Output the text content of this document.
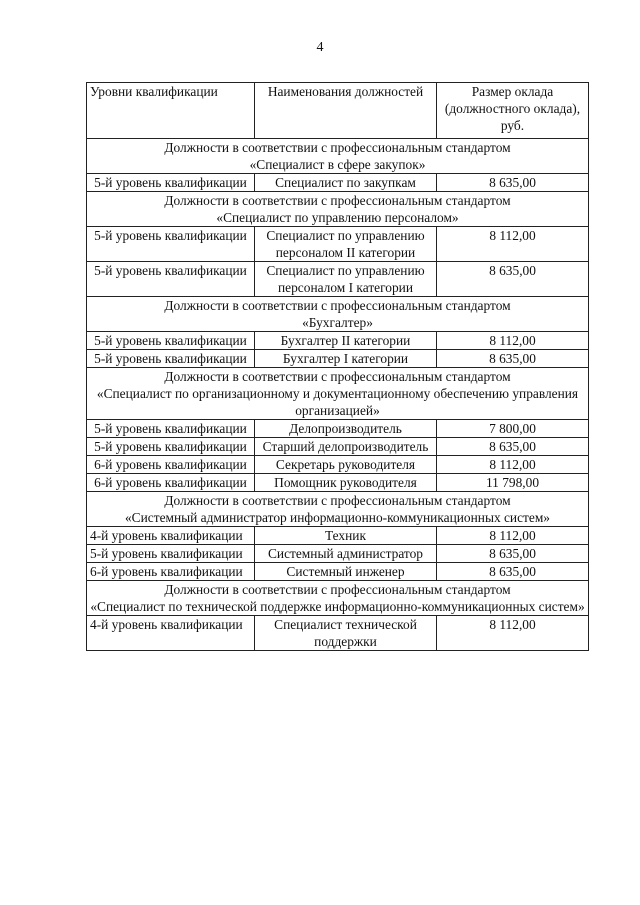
4
Уровни квалификации	Наименования должностей	Размер оклада (должностного оклада), руб.

Должности в соответствии с профессиональным стандартом
«Специалист в сфере закупок»		

5-й уровень квалификации	Специалист по закупкам	8 635,00

Должности в соответствии с профессиональным стандартом
«Специалист по управлению персоналом»		

5-й уровень квалификации	Специалист по управлению персоналом II категории	8 112,00
5-й уровень квалификации	Специалист по управлению персоналом I категории	8 635,00

Должности в соответствии с профессиональным стандартом
«Бухгалтер»		

5-й уровень квалификации	Бухгалтер II категории	8 112,00
5-й уровень квалификации	Бухгалтер I категории	8 635,00

Должности в соответствии с профессиональным стандартом
«Специалист по организационному и документационному обеспечению управления организацией»		

5-й уровень квалификации	Делопроизводитель	7 800,00
5-й уровень квалификации	Старший делопроизводитель	8 635,00
6-й уровень квалификации	Секретарь руководителя	8 112,00
6-й уровень квалификации	Помощник руководителя	11 798,00

Должности в соответствии с профессиональным стандартом
«Системный администратор информационно-коммуникационных систем»		

4-й уровень квалификации	Техник	8 112,00
5-й уровень квалификации	Системный администратор	8 635,00
6-й уровень квалификации	Системный инженер	8 635,00

Должности в соответствии с профессиональным стандартом
«Специалист по технической поддержке информационно-коммуникационных систем»		

4-й уровень квалификации	Специалист технической поддержки	8 112,00
